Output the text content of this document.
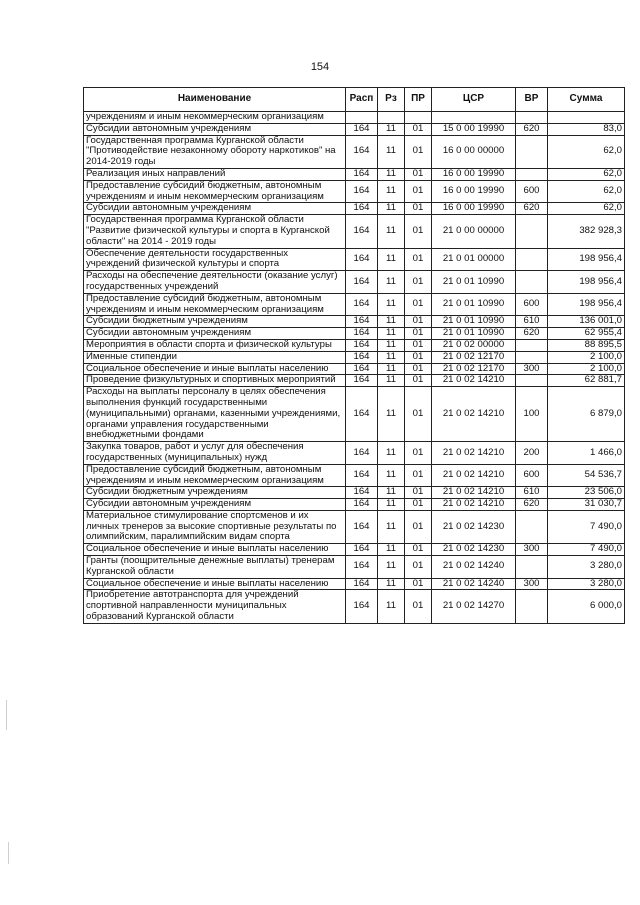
154
Наименование	Расп	Рз	ПР	ЦСР	ВР	Сумма
учреждениям и иным некоммерческим организациям						
Субсидии автономным учреждениям	164	11	01	15 0 00 19990	620	83,0
Государственная программа Курганской области "Противодействие незаконному обороту наркотиков" на 2014-2019 годы	164	11	01	16 0 00 00000		62,0
Реализация иных направлений	164	11	01	16 0 00 19990		62,0
Предоставление субсидий бюджетным, автономным учреждениям и иным некоммерческим организациям	164	11	01	16 0 00 19990	600	62,0
Субсидии автономным учреждениям	164	11	01	16 0 00 19990	620	62,0
Государственная программа Курганской области "Развитие физической культуры и спорта в Курганской области" на 2014 - 2019 годы	164	11	01	21 0 00 00000		382 928,3
Обеспечение деятельности государственных учреждений физической культуры и спорта	164	11	01	21 0 01 00000		198 956,4
Расходы на обеспечение деятельности (оказание услуг) государственных учреждений	164	11	01	21 0 01 10990		198 956,4
Предоставление субсидий бюджетным, автономным учреждениям и иным некоммерческим организациям	164	11	01	21 0 01 10990	600	198 956,4
Субсидии бюджетным учреждениям	164	11	01	21 0 01 10990	610	136 001,0
Субсидии автономным учреждениям	164	11	01	21 0 01 10990	620	62 955,4
Мероприятия в области спорта и физической культуры	164	11	01	21 0 02 00000		88 895,5
Именные стипендии	164	11	01	21 0 02 12170		2 100,0
Социальное обеспечение и иные выплаты населению	164	11	01	21 0 02 12170	300	2 100,0
Проведение физкультурных и спортивных мероприятий	164	11	01	21 0 02 14210		62 881,7
Расходы на выплаты персоналу в целях обеспечения выполнения функций государственными (муниципальными) органами, казенными учреждениями, органами управления государственными внебюджетными фондами	164	11	01	21 0 02 14210	100	6 879,0
Закупка товаров, работ и услуг для обеспечения государственных (муниципальных) нужд	164	11	01	21 0 02 14210	200	1 466,0
Предоставление субсидий бюджетным, автономным учреждениям и иным некоммерческим организациям	164	11	01	21 0 02 14210	600	54 536,7
Субсидии бюджетным учреждениям	164	11	01	21 0 02 14210	610	23 506,0
Субсидии автономным учреждениям	164	11	01	21 0 02 14210	620	31 030,7
Материальное стимулирование спортсменов и их личных тренеров за высокие спортивные результаты по олимпийским, паралимпийским видам спорта	164	11	01	21 0 02 14230		7 490,0
Социальное обеспечение и иные выплаты населению	164	11	01	21 0 02 14230	300	7 490,0
Гранты (поощрительные денежные выплаты) тренерам Курганской области	164	11	01	21 0 02 14240		3 280,0
Социальное обеспечение и иные выплаты населению	164	11	01	21 0 02 14240	300	3 280,0
Приобретение автотранспорта для учреждений спортивной направленности муниципальных образований Курганской области	164	11	01	21 0 02 14270		6 000,0
